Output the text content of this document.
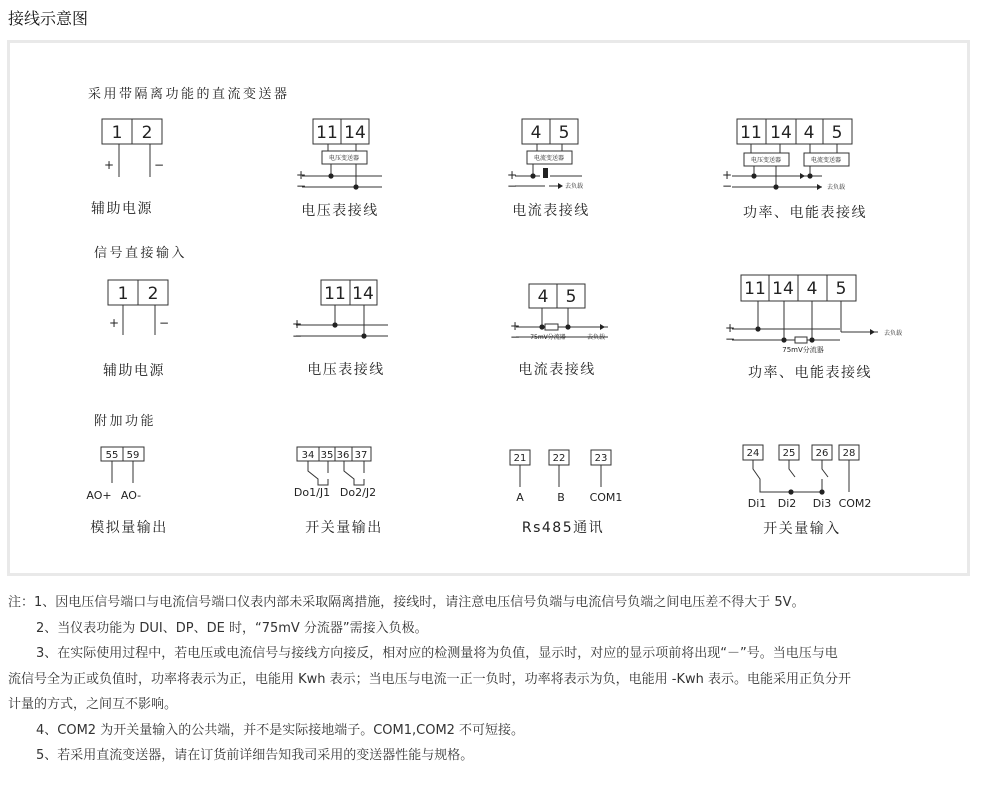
接线示意图
采用带隔离功能的直流变送器
信号直接输入
附加功能
1 2	11 14	4 5	11 14 4 5
1 2	11 14	4 5	11 14 4 5
55 59	34 35 36 37	21	22	23	24 25 26 28
+	−
+
−
+
−
+
−
+	−	+
−
+
−
+
−
电压变送器	电流变送器	电压变送器	电流变送器
去负载	去负载
75mV分流器	去负载
去负载
75mV分流器
辅助电源	电压表接线	电流表接线	功率、电能表接线
辅助电源	电压表接线	电流表接线	功率、电能表接线
模拟量输出	开关量输出	Rs485通讯	开关量输入
AO+ AO-	Do1/J1 Do2/J2	A	B COM1	Di1 Di2 Di3 COM2

注：1、因电压信号端口与电流信号端口仪表内部未采取隔离措施，接线时，请注意电压信号负端与电流信号负端之间电压差不得大于 5V。

2、当仪表功能为 DUI、DP、DE 时，“75mV 分流器”需接入负极。

3、在实际使用过程中，若电压或电流信号与接线方向接反，相对应的检测量将为负值，显示时，对应的显示项前将出现“－”号。当电压与电

流信号全为正或负值时，功率将表示为正，电能用 Kwh 表示；当电压与电流一正一负时，功率将表示为负，电能用 -Kwh 表示。电能采用正负分开

计量的方式，之间互不影响。

4、COM2 为开关量输入的公共端，并不是实际接地端子。COM1,COM2 不可短接。

5、若采用直流变送器，请在订货前详细告知我司采用的变送器性能与规格。
